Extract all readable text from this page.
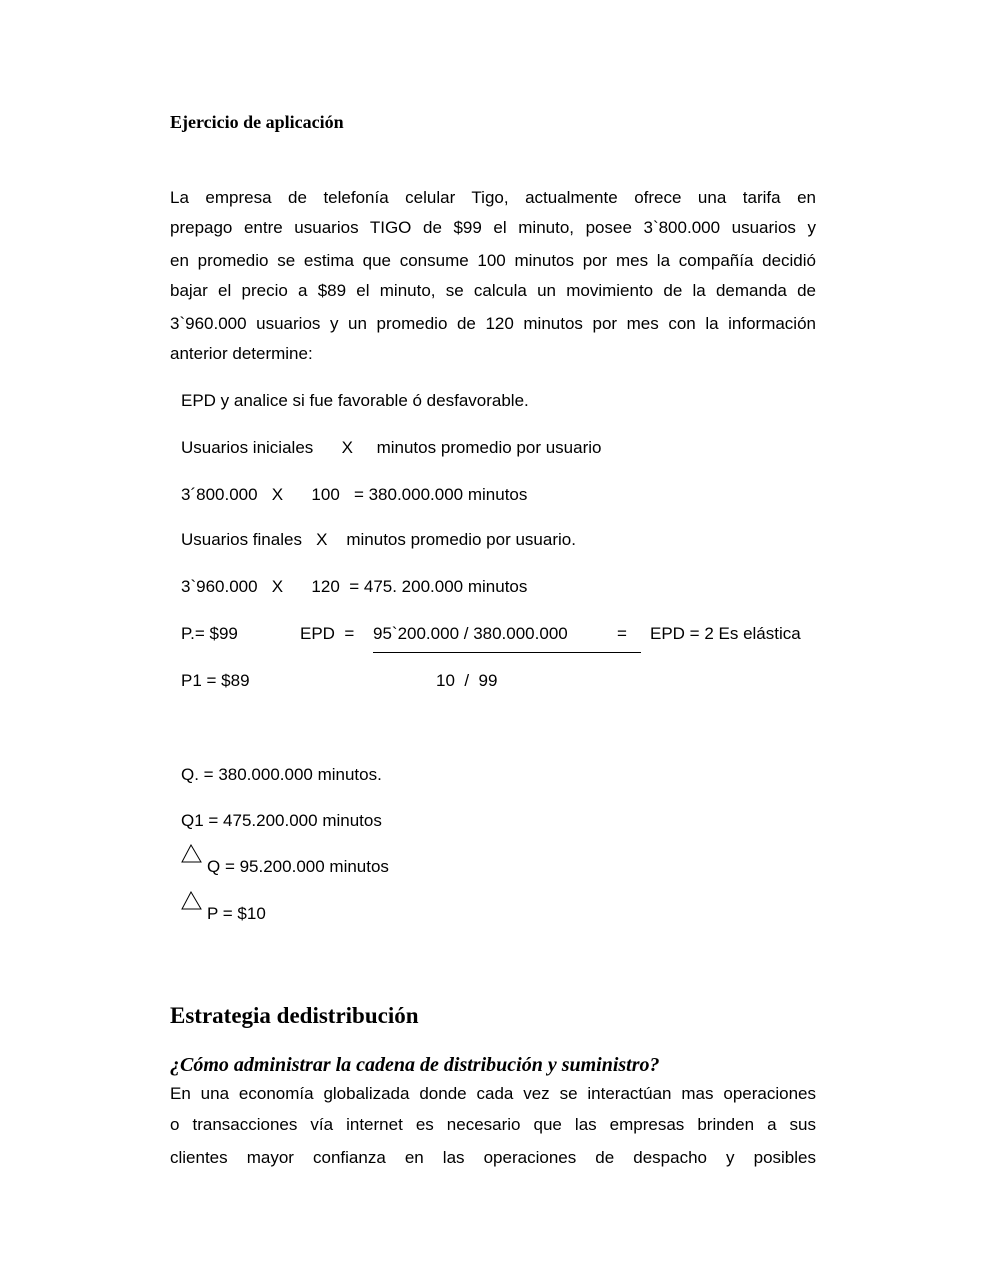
Ejercicio de aplicación
La empresa de telefonía celular Tigo, actualmente ofrece una tarifa en
prepago entre usuarios TIGO de $99 el minuto, posee 3`800.000 usuarios y
en promedio se estima que consume 100 minutos por mes la compañía decidió
bajar el precio a $89 el minuto, se calcula un movimiento de la demanda de
3`960.000 usuarios y un promedio de 120 minutos por mes con la información
anterior determine:
EPD y analice si fue favorable ó desfavorable.
Usuarios iniciales      X     minutos promedio por usuario
3´800.000   X      100   = 380.000.000 minutos
Usuarios finales   X    minutos promedio por usuario.
3`960.000   X      120  = 475. 200.000 minutos
P.= $99	EPD  = 95`200.000 / 380.000.000	= EPD = 2 Es elástica
P1 = $89	10  /  99
Q. = 380.000.000 minutos.
Q1 = 475.200.000 minutos
Q = 95.200.000 minutos
P = $10
Estrategia dedistribución
¿Cómo administrar la cadena de distribución y suministro?
En una economía globalizada donde cada vez se interactúan mas operaciones
o transacciones vía internet es necesario que las empresas brinden a sus
clientes mayor confianza en las operaciones de despacho y posibles
